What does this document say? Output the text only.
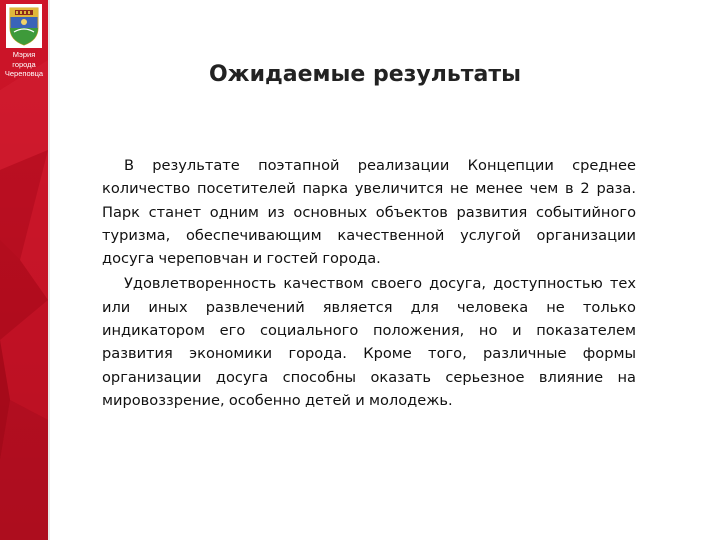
Мэрия
города
Череповца	Ожидаемые результаты

В результате поэтапной реализации Концепции среднее количество посетителей парка увеличится не менее чем в 2 раза. Парк станет одним из основных объектов развития событийного туризма, обеспечивающим качественной услугой организации досуга череповчан и гостей города.

Удовлетворенность качеством своего досуга, доступностью тех или иных развлечений является для человека не только индикатором его социального положения, но и показателем развития экономики города. Кроме того, различные формы организации досуга способны оказать серьезное влияние на мировоззрение, особенно детей и молодежь.
